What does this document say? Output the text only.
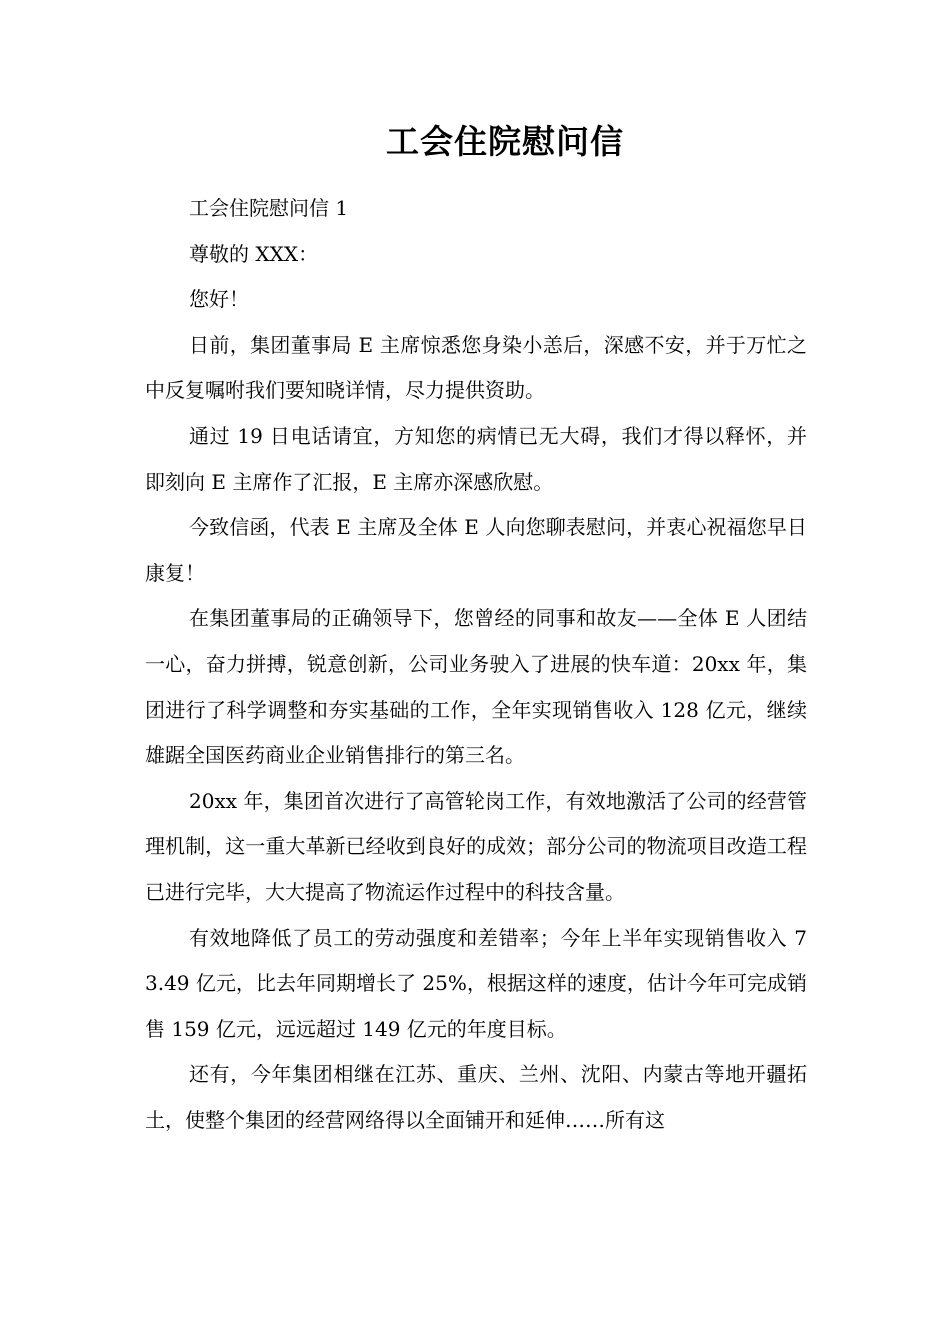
工会住院慰问信

工会住院慰问信 1

尊敬的 XXX：

您好！

日前，集团董事局 E 主席惊悉您身染小恙后，深感不安，并于万忙之中反复嘱咐我们要知晓详情，尽力提供资助。

通过 19 日电话请宜，方知您的病情已无大碍，我们才得以释怀，并即刻向 E 主席作了汇报，E 主席亦深感欣慰。

今致信函，代表 E 主席及全体 E 人向您聊表慰问，并衷心祝福您早日康复！

在集团董事局的正确领导下，您曾经的同事和故友——全体 E 人团结一心，奋力拼搏，锐意创新，公司业务驶入了进展的快车道：20xx 年，集团进行了科学调整和夯实基础的工作，全年实现销售收入 128 亿元，继续雄踞全国医药商业企业销售排行的第三名。

20xx 年，集团首次进行了高管轮岗工作，有效地激活了公司的经营管理机制，这一重大革新已经收到良好的成效；部分公司的物流项目改造工程已进行完毕，大大提高了物流运作过程中的科技含量。

有效地降低了员工的劳动强度和差错率；今年上半年实现销售收入 73.49 亿元，比去年同期增长了 25%，根据这样的速度，估计今年可完成销售 159 亿元，远远超过 149 亿元的年度目标。

还有，今年集团相继在江苏、重庆、兰州、沈阳、内蒙古等地开疆拓土，使整个集团的经营网络得以全面铺开和延伸……所有这
